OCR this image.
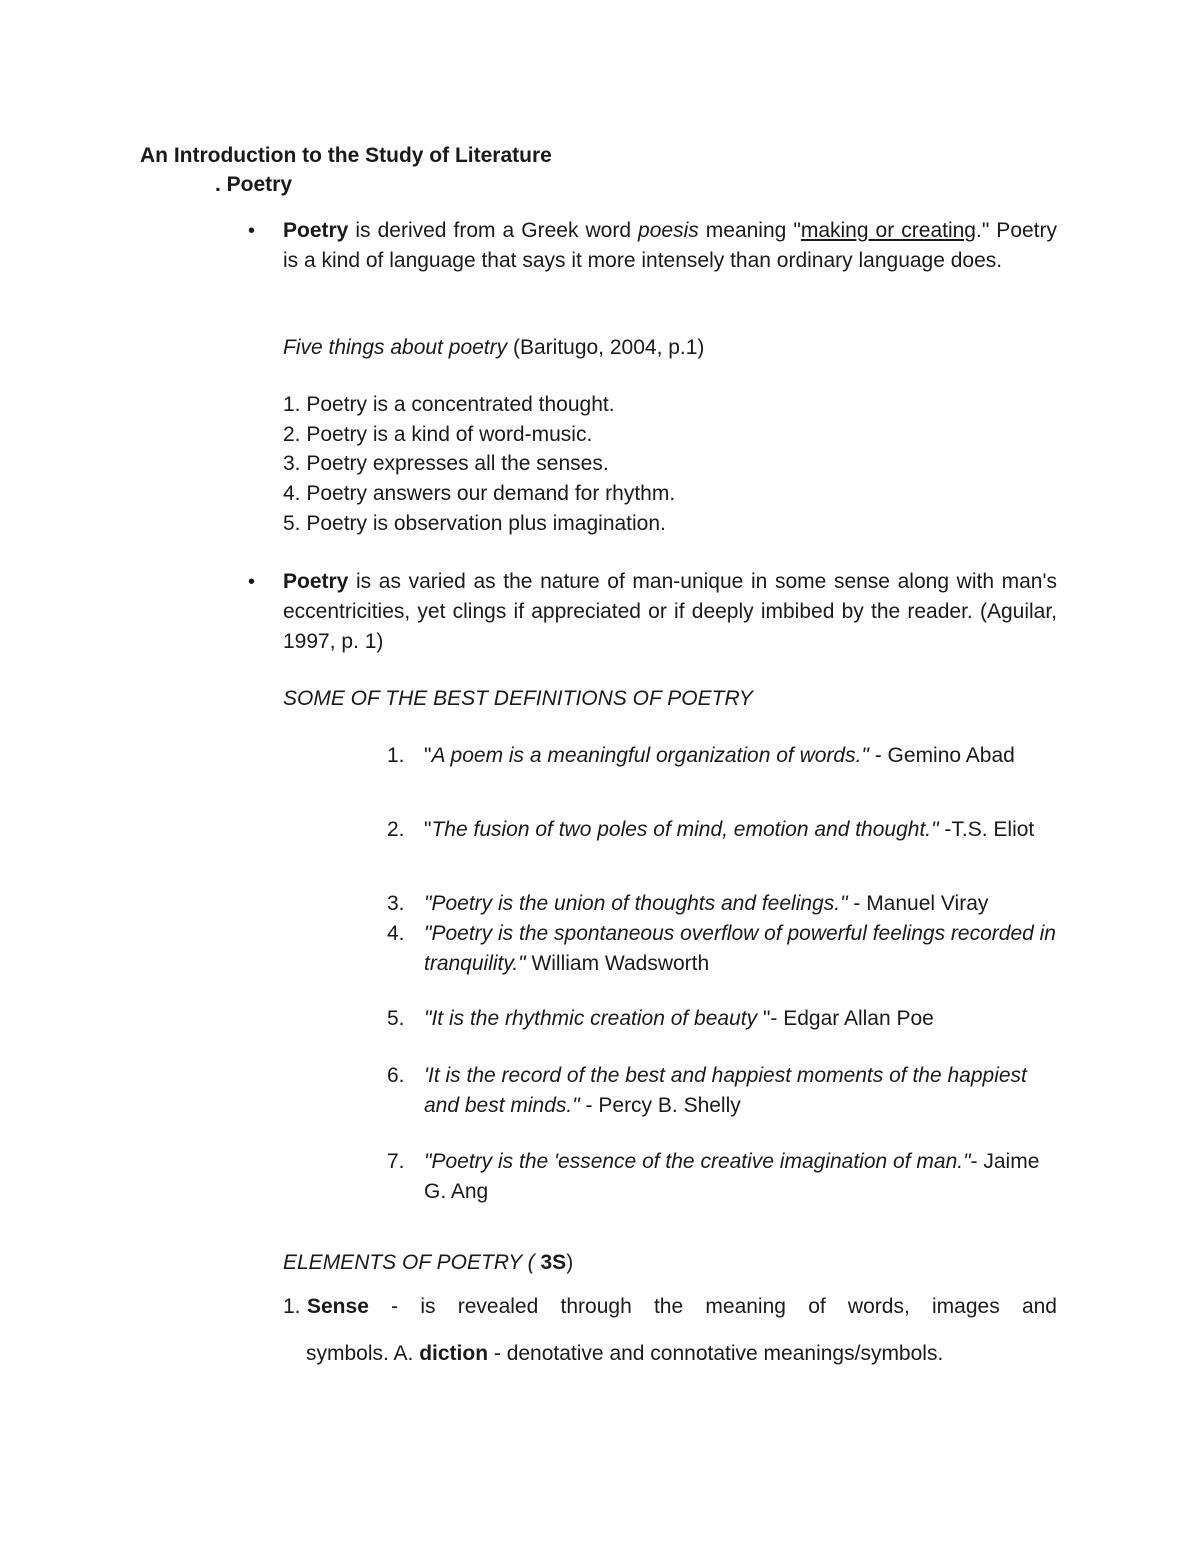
An Introduction to the Study of Literature
. Poetry
• Poetry is derived from a Greek word poesis meaning "making or creating." Poetry is a kind of language that says it more intensely than ordinary language does.
Five things about poetry (Baritugo, 2004, p.1)
1. Poetry is a concentrated thought.
2. Poetry is a kind of word-music.
3. Poetry expresses all the senses.
4. Poetry answers our demand for rhythm.
5. Poetry is observation plus imagination.
• Poetry is as varied as the nature of man-unique in some sense along with man's eccentricities, yet clings if appreciated or if deeply imbibed by the reader. (Aguilar, 1997, p. 1)
SOME OF THE BEST DEFINITIONS OF POETRY
1. "A poem is a meaningful organization of words." - Gemino Abad
2. "The fusion of two poles of mind, emotion and thought." -T.S. Eliot
3. "Poetry is the union of thoughts and feelings." - Manuel Viray
4. "Poetry is the spontaneous overflow of powerful feelings recorded in tranquility." William Wadsworth
5. "It is the rhythmic creation of beauty "- Edgar Allan Poe
6. 'It is the record of the best and happiest moments of the happiest and best minds." - Percy B. Shelly
7. "Poetry is the 'essence of the creative imagination of man."- Jaime G. Ang
ELEMENTS OF POETRY ( 3S)
1. Sense - is revealed through the meaning of words, images and
symbols. A. diction - denotative and connotative meanings/symbols.
